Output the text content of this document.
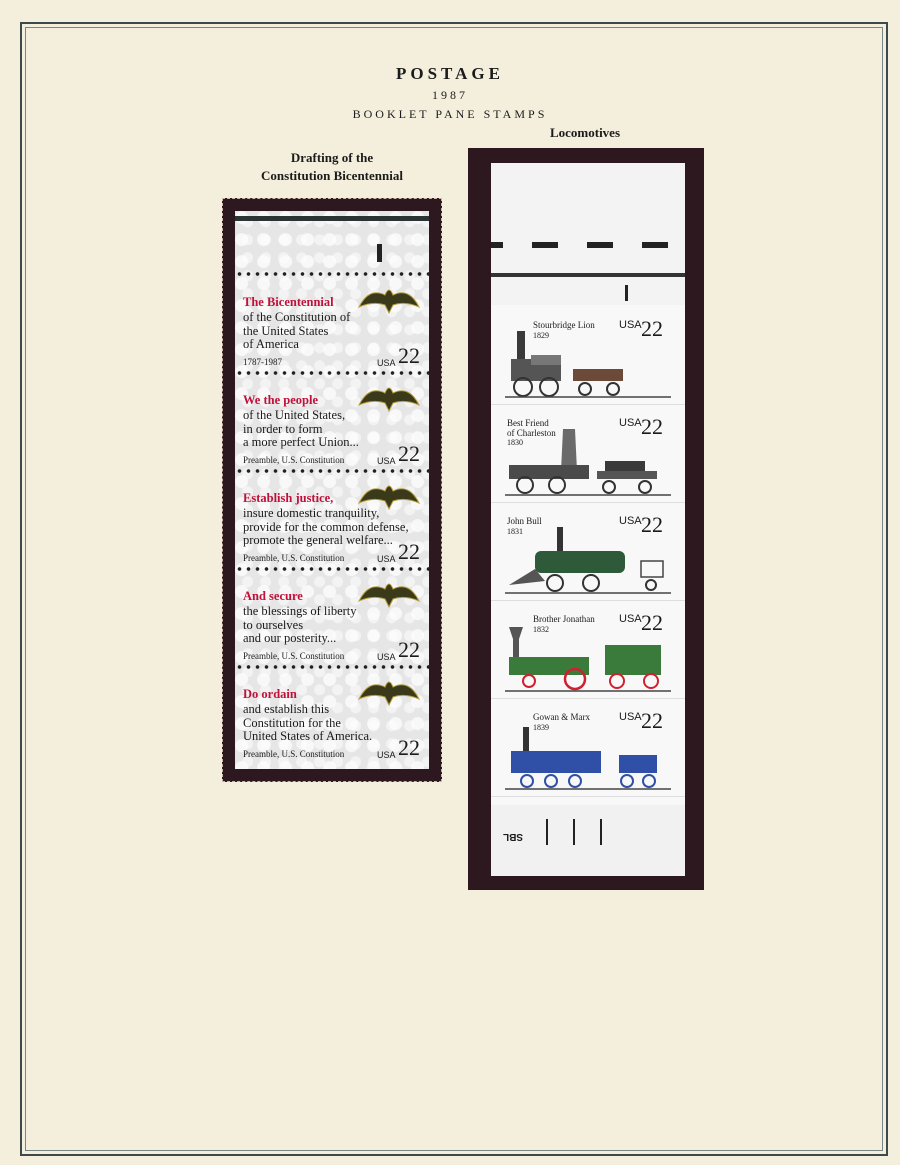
POSTAGE
1987
BOOKLET PANE STAMPS
Drafting of the
Constitution Bicentennial
Locomotives
The Bicentennial
of the Constitution of
the United States
of America
1787-1987	USA 22
We the people
of the United States,
in order to form
a more perfect Union...
Preamble, U.S. Constitution	USA 22
Establish justice,
insure domestic tranquility,
provide for the common defense,
promote the general welfare...
Preamble, U.S. Constitution	USA 22
And secure
the blessings of liberty
to ourselves
and our posterity...
Preamble, U.S. Constitution	USA 22
Do ordain
and establish this
Constitution for the
United States of America.
Preamble, U.S. Constitution	USA 22
Stourbridge Lion
1829
USA 22
Best Friend
of Charleston
1830
USA 22
John Bull
1831
USA 22
Brother Jonathan
1832
USA 22
Gowan & Marx
1839
USA 22
SBL
